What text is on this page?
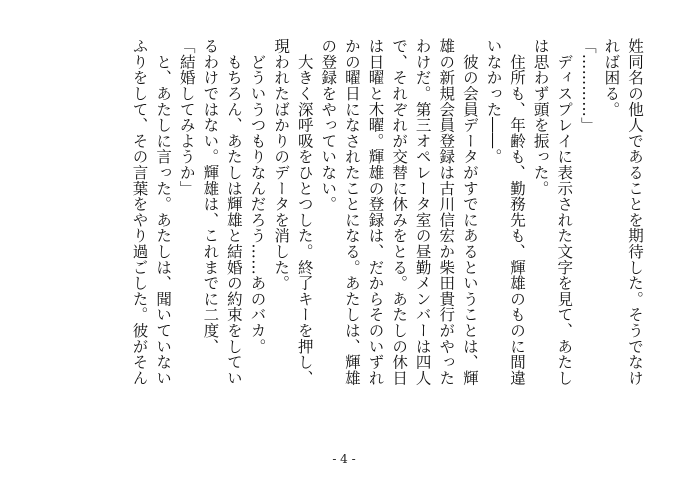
姓同名の他人であることを期待した。そうでなけ
れば困る。
「…………」
　ディスプレイに表示された文字を見て、あたし
は思わず頭を振った。
　住所も、年齢も、勤務先も、輝雄のものに間違
いなかった――。
　彼の会員データがすでにあるということは、輝
雄の新規会員登録は古川信宏か柴田貴行がやった
わけだ。第三オペレータ室の昼勤メンバーは四人
で、それぞれが交替に休みをとる。あたしの休日
は日曜と木曜。輝雄の登録は、だからそのいずれ
かの曜日になされたことになる。あたしは、輝雄
の登録をやっていない。
　大きく深呼吸をひとつした。終了キーを押し、
現われたばかりのデータを消した。
　どういうつもりなんだろう……あのバカ。
　もちろん、あたしは輝雄と結婚の約束をしてい
るわけではない。輝雄は、これまでに二度、
「結婚してみようか」
　と、あたしに言った。あたしは、聞いていない
ふりをして、その言葉をやり過ごした。彼がそん
- 4 -
